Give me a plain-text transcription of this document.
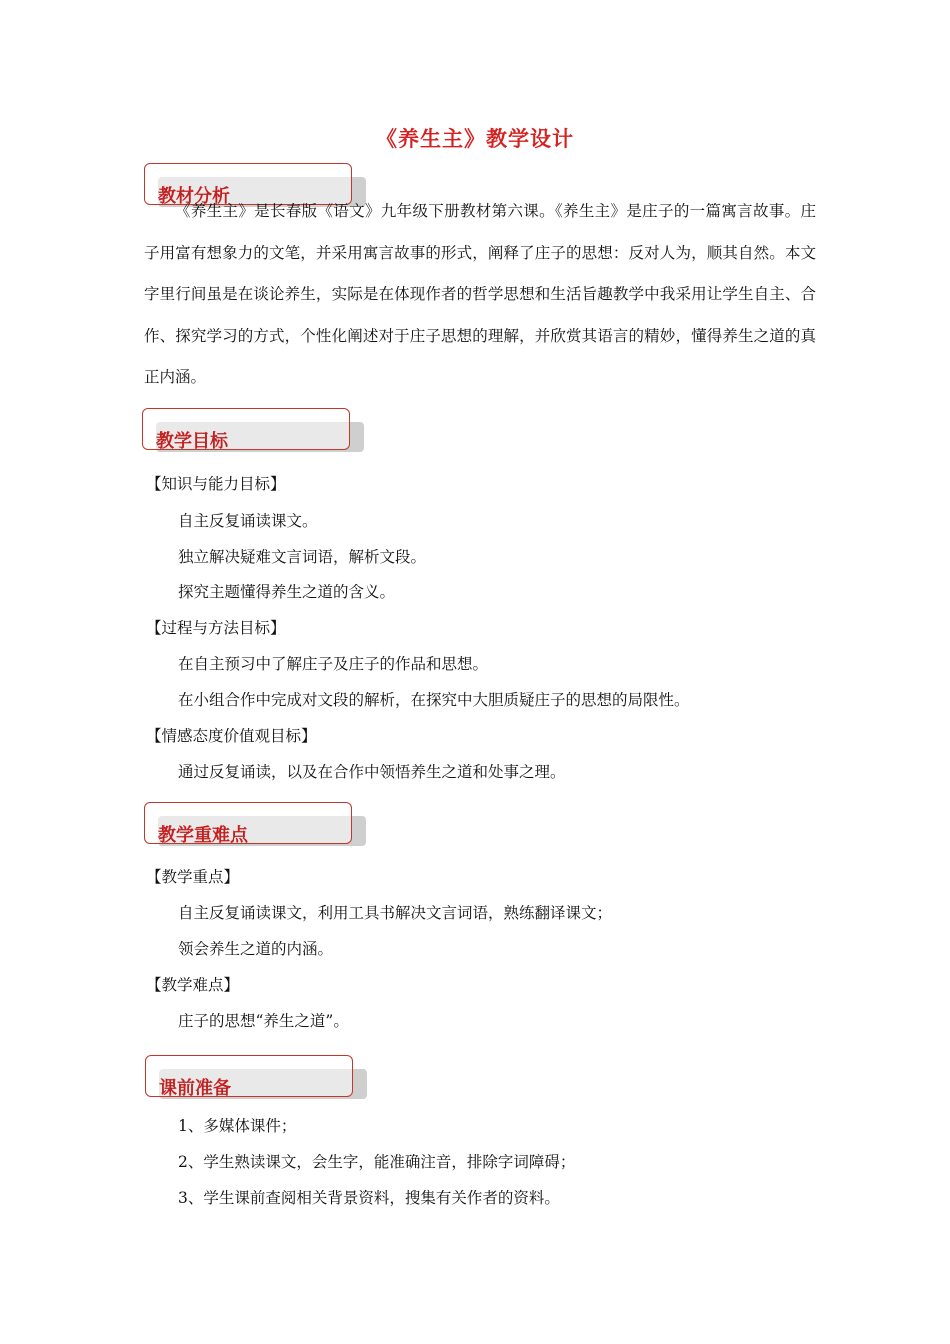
《养生主》教学设计
教材分析

《养生主》是长春版《语文》九年级下册教材第六课。《养生主》是庄子的一篇寓言故事。庄子用富有想象力的文笔，并采用寓言故事的形式，阐释了庄子的思想：反对人为，顺其自然。本文字里行间虽是在谈论养生，实际是在体现作者的哲学思想和生活旨趣教学中我采用让学生自主、合作、探究学习的方式，个性化阐述对于庄子思想的理解，并欣赏其语言的精妙，懂得养生之道的真正内涵。

教学目标
【知识与能力目标】
自主反复诵读课文。
独立解决疑难文言词语，解析文段。
探究主题懂得养生之道的含义。
【过程与方法目标】
在自主预习中了解庄子及庄子的作品和思想。
在小组合作中完成对文段的解析，在探究中大胆质疑庄子的思想的局限性。
【情感态度价值观目标】
通过反复诵读，以及在合作中领悟养生之道和处事之理。
教学重难点
【教学重点】
自主反复诵读课文，利用工具书解决文言词语，熟练翻译课文；
领会养生之道的内涵。
【教学难点】
庄子的思想“养生之道”。
课前准备
1、多媒体课件；
2、学生熟读课文，会生字，能准确注音，排除字词障碍；
3、学生课前查阅相关背景资料，搜集有关作者的资料。
